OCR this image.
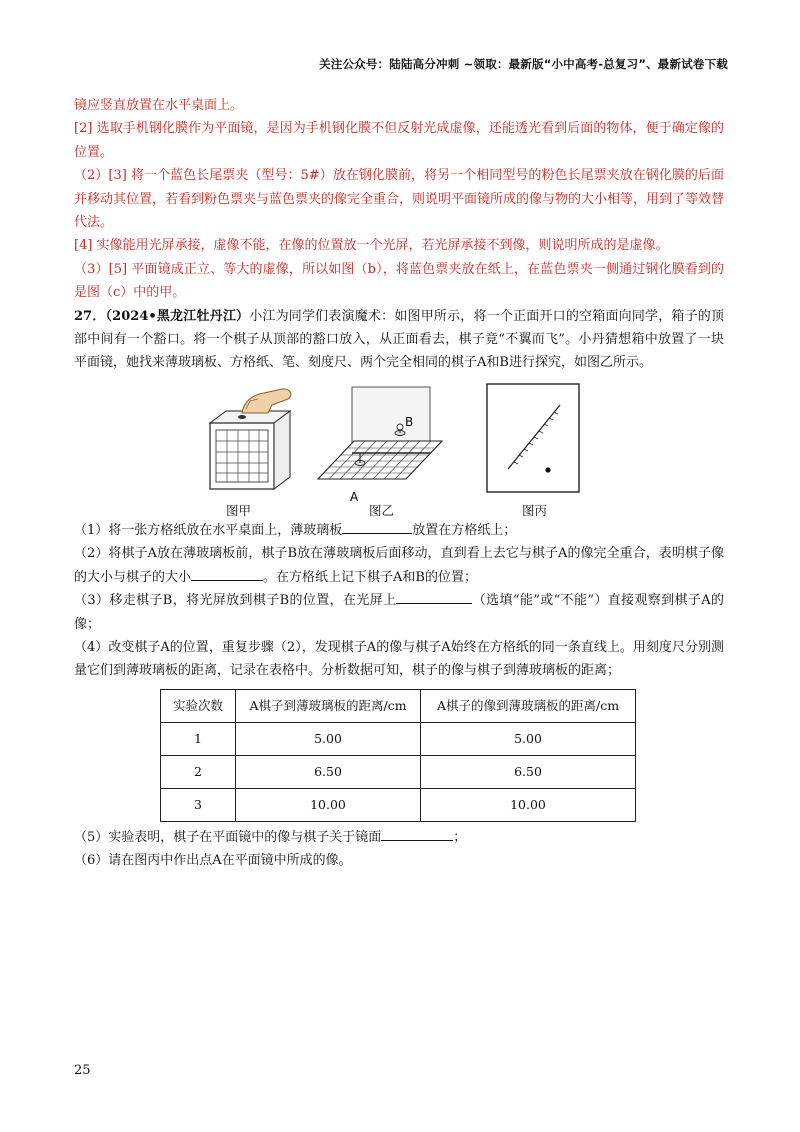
关注公众号：陆陆高分冲刺 ~领取：最新版“小中高考-总复习”、最新试卷下载

镜应竖直放置在水平桌面上。

[2] 选取手机钢化膜作为平面镜，是因为手机钢化膜不但反射光成虚像，还能透光看到后面的物体，便于确定像的位置。

（2）[3] 将一个蓝色长尾票夹（型号：5#）放在钢化膜前，将另一个相同型号的粉色长尾票夹放在钢化膜的后面并移动其位置，若看到粉色票夹与蓝色票夹的像完全重合，则说明平面镜所成的像与物的大小相等，用到了等效替代法。

[4] 实像能用光屏承接，虚像不能，在像的位置放一个光屏，若光屏承接不到像，则说明所成的是虚像。

（3）[5] 平面镜成正立、等大的虚像，所以如图（b），将蓝色票夹放在纸上，在蓝色票夹一侧通过钢化膜看到的是图（c）中的甲。

27．（2024•黑龙江牡丹江）小江为同学们表演魔术：如图甲所示，将一个正面开口的空箱面向同学，箱子的顶部中间有一个豁口。将一个棋子从顶部的豁口放入，从正面看去，棋子竟“不翼而飞”。小丹猜想箱中放置了一块平面镜，她找来薄玻璃板、方格纸、笔、刻度尺、两个完全相同的棋子A和B进行探究，如图乙所示。

图甲
B
A
图乙	图丙

（1）将一张方格纸放在水平桌面上，薄玻璃板	放置在方格纸上；

（2）将棋子A放在薄玻璃板前，棋子B放在薄玻璃板后面移动，直到看上去它与棋子A的像完全重合，表明棋子像的大小与棋子的大小	。在方格纸上记下棋子A和B的位置；

（3）移走棋子B，将光屏放到棋子B的位置，在光屏上	（选填“能”或“不能”）直接观察到棋子A的像；

（4）改变棋子A的位置，重复步骤（2），发现棋子A的像与棋子A始终在方格纸的同一条直线上。用刻度尺分别测量它们到薄玻璃板的距离，记录在表格中。分析数据可知，棋子的像与棋子到薄玻璃板的距离；

实验次数	A棋子到薄玻璃板的距离/cm	A棋子的像到薄玻璃板的距离/cm
1	5.00	5.00
2	6.50	6.50
3	10.00	10.00

（5）实验表明，棋子在平面镜中的像与棋子关于镜面	；

（6）请在图丙中作出点A在平面镜中所成的像。

25
